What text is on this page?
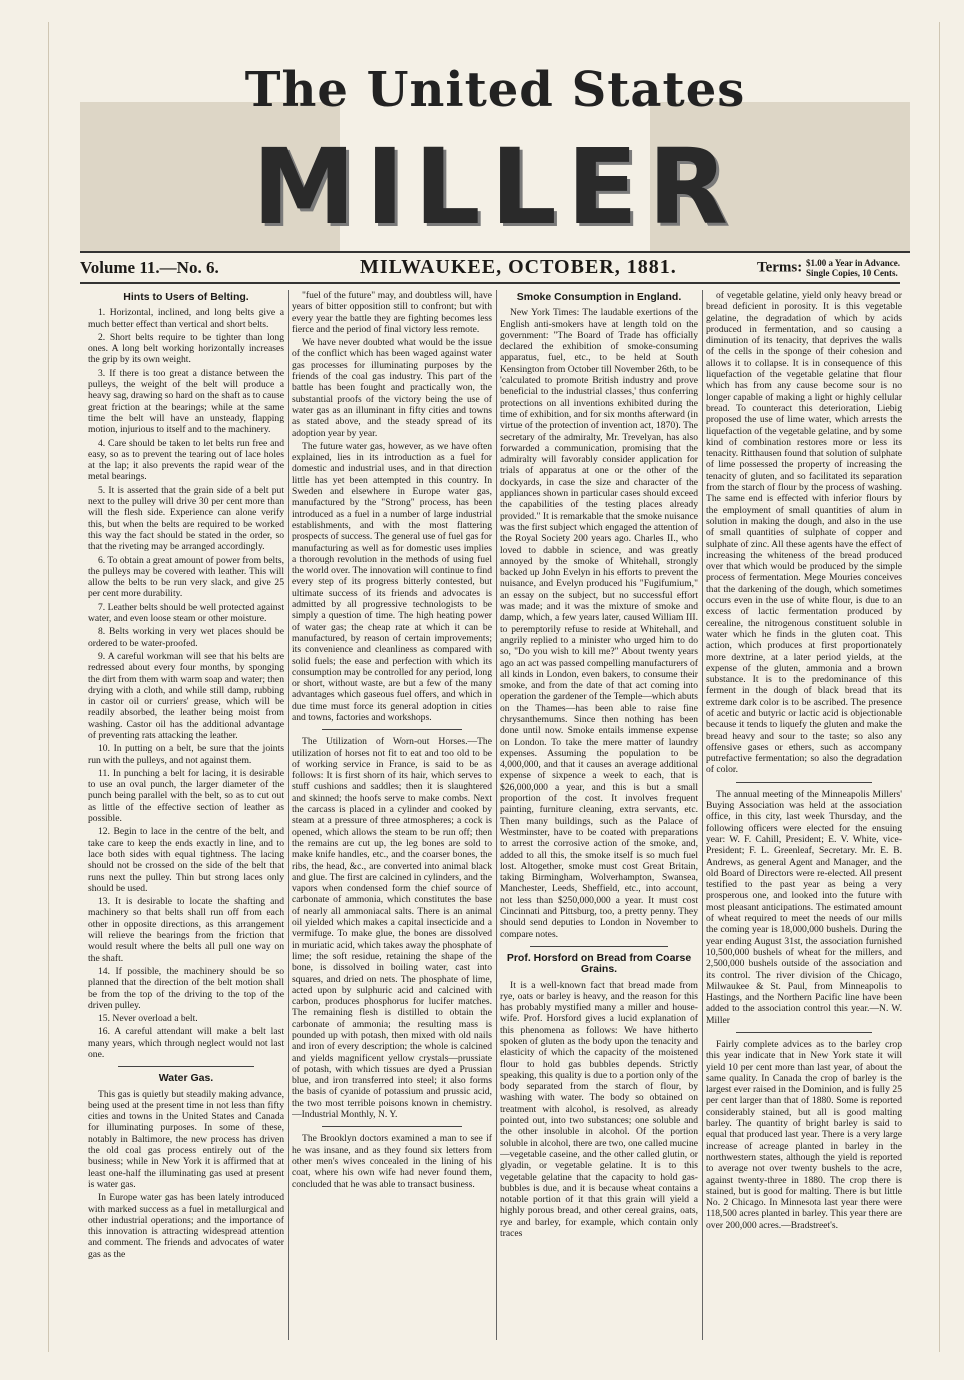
The United States
MILLER
Volume 11.—No. 6.	MILWAUKEE, OCTOBER, 1881.	Terms: $1.00 a Year in Advance.
Single Copies, 10 Cents.
Hints to Users of Belting.

1. Horizontal, inclined, and long belts give a much better effect than vertical and short belts.

2. Short belts require to be tighter than long ones. A long belt working horizontally increases the grip by its own weight.

3. If there is too great a distance between the pulleys, the weight of the belt will produce a heavy sag, drawing so hard on the shaft as to cause great friction at the bearings; while at the same time the belt will have an unsteady, flapping motion, injurious to itself and to the machinery.

4. Care should be taken to let belts run free and easy, so as to prevent the tearing out of lace holes at the lap; it also prevents the rapid wear of the metal bearings.

5. It is asserted that the grain side of a belt put next to the pulley will drive 30 per cent more than will the flesh side. Experience can alone verify this, but when the belts are required to be worked this way the fact should be stated in the order, so that the riveting may be arranged accordingly.

6. To obtain a great amount of power from belts, the pulleys may be covered with leather. This will allow the belts to be run very slack, and give 25 per cent more durability.

7. Leather belts should be well protected against water, and even loose steam or other moisture.

8. Belts working in very wet places should be ordered to be water-proofed.

9. A careful workman will see that his belts are redressed about every four months, by sponging the dirt from them with warm soap and water; then drying with a cloth, and while still damp, rubbing in castor oil or curriers' grease, which will be readily absorbed, the leather being moist from washing. Castor oil has the additional advantage of preventing rats attacking the leather.

10. In putting on a belt, be sure that the joints run with the pulleys, and not against them.

11. In punching a belt for lacing, it is desirable to use an oval punch, the larger diameter of the punch being parallel with the belt, so as to cut out as little of the effective section of leather as possible.

12. Begin to lace in the centre of the belt, and take care to keep the ends exactly in line, and to lace both sides with equal tightness. The lacing should not be crossed on the side of the belt that runs next the pulley. Thin but strong laces only should be used.

13. It is desirable to locate the shafting and machinery so that belts shall run off from each other in opposite directions, as this arrangement will relieve the bearings from the friction that would result where the belts all pull one way on the shaft.

14. If possible, the machinery should be so planned that the direction of the belt motion shall be from the top of the driving to the top of the driven pulley.

15. Never overload a belt.

16. A careful attendant will make a belt last many years, which through neglect would not last one.

Water Gas.

This gas is quietly but steadily making advance, being used at the present time in not less than fifty cities and towns in the United States and Canada for illuminating purposes. In some of these, notably in Baltimore, the new process has driven the old coal gas process entirely out of the business; while in New York it is affirmed that at least one-half the illuminating gas used at present is water gas.

In Europe water gas has been lately introduced with marked success as a fuel in metallurgical and other industrial operations; and the importance of this innovation is attracting widespread attention and comment. The friends and advocates of water gas as the

"fuel of the future" may, and doubtless will, have years of bitter opposition still to confront; but with every year the battle they are fighting becomes less fierce and the period of final victory less remote.

We have never doubted what would be the issue of the conflict which has been waged against water gas processes for illuminating purposes by the friends of the coal gas industry. This part of the battle has been fought and practically won, the substantial proofs of the victory being the use of water gas as an illuminant in fifty cities and towns as stated above, and the steady spread of its adoption year by year.

The future water gas, however, as we have often explained, lies in its introduction as a fuel for domestic and industrial uses, and in that direction little has yet been attempted in this country. In Sweden and elsewhere in Europe water gas, manufactured by the "Strong" process, has been introduced as a fuel in a number of large industrial establishments, and with the most flattering prospects of success. The general use of fuel gas for manufacturing as well as for domestic uses implies a thorough revolution in the methods of using fuel the world over. The innovation will continue to find every step of its progress bitterly contested, but ultimate success of its friends and advocates is admitted by all progressive technologists to be simply a question of time. The high heating power of water gas; the cheap rate at which it can be manufactured, by reason of certain improvements; its convenience and cleanliness as compared with solid fuels; the ease and perfection with which its consumption may be controlled for any period, long or short, without waste, are but a few of the many advantages which gaseous fuel offers, and which in due time must force its general adoption in cities and towns, factories and workshops.

The Utilization of Worn-out Horses.—The utilization of horses not fit to eat and too old to be of working service in France, is said to be as follows: It is first shorn of its hair, which serves to stuff cushions and saddles; then it is slaughtered and skinned; the hoofs serve to make combs. Next the carcass is placed in a cylinder and cooked by steam at a pressure of three atmospheres; a cock is opened, which allows the steam to be run off; then the remains are cut up, the leg bones are sold to make knife handles, etc., and the coarser bones, the ribs, the head, &c., are converted into animal black and glue. The first are calcined in cylinders, and the vapors when condensed form the chief source of carbonate of ammonia, which constitutes the base of nearly all ammoniacal salts. There is an animal oil yielded which makes a capital insecticide and a vermifuge. To make glue, the bones are dissolved in muriatic acid, which takes away the phosphate of lime; the soft residue, retaining the shape of the bone, is dissolved in boiling water, cast into squares, and dried on nets. The phosphate of lime, acted upon by sulphuric acid and calcined with carbon, produces phosphorus for lucifer matches. The remaining flesh is distilled to obtain the carbonate of ammonia; the resulting mass is pounded up with potash, then mixed with old nails and iron of every description; the whole is calcined and yields magnificent yellow crystals—prussiate of potash, with which tissues are dyed a Prussian blue, and iron transferred into steel; it also forms the basis of cyanide of potassium and prussic acid, the two most terrible poisons known in chemistry.—Industrial Monthly, N. Y.

The Brooklyn doctors examined a man to see if he was insane, and as they found six letters from other men's wives concealed in the lining of his coat, where his own wife had never found them, concluded that he was able to transact business.

Smoke Consumption in England.

New York Times: The laudable exertions of the English anti-smokers have at length told on the government: "The Board of Trade has officially declared the exhibition of smoke-consuming apparatus, fuel, etc., to be held at South Kensington from October till November 26th, to be 'calculated to promote British industry and prove beneficial to the industrial classes,' thus conferring protections on all inventions exhibited during the time of exhibition, and for six months afterward (in virtue of the protection of invention act, 1870). The secretary of the admiralty, Mr. Trevelyan, has also forwarded a communication, promising that the admiralty will favorably consider application for trials of apparatus at one or the other of the dockyards, in case the size and character of the appliances shown in particular cases should exceed the capabilities of the testing places already provided." It is remarkable that the smoke nuisance was the first subject which engaged the attention of the Royal Society 200 years ago. Charles II., who loved to dabble in science, and was greatly annoyed by the smoke of Whitehall, strongly backed up John Evelyn in his efforts to prevent the nuisance, and Evelyn produced his "Fugifumium," an essay on the subject, but no successful effort was made; and it was the mixture of smoke and damp, which, a few years later, caused William III. to peremptorily refuse to reside at Whitehall, and angrily replied to a minister who urged him to do so, "Do you wish to kill me?" About twenty years ago an act was passed compelling manufacturers of all kinds in London, even bakers, to consume their smoke, and from the date of that act coming into operation the gardener of the Temple—which abuts on the Thames—has been able to raise fine chrysanthemums. Since then nothing has been done until now. Smoke entails immense expense on London. To take the mere matter of laundry expenses. Assuming the population to be 4,000,000, and that it causes an average additional expense of sixpence a week to each, that is $26,000,000 a year, and this is but a small proportion of the cost. It involves frequent painting, furniture cleaning, extra servants, etc. Then many buildings, such as the Palace of Westminster, have to be coated with preparations to arrest the corrosive action of the smoke, and, added to all this, the smoke itself is so much fuel lost. Altogether, smoke must cost Great Britain, taking Birmingham, Wolverhampton, Swansea, Manchester, Leeds, Sheffield, etc., into account, not less than $250,000,000 a year. It must cost Cincinnati and Pittsburg, too, a pretty penny. They should send deputies to London in November to compare notes.

Prof. Horsford on Bread from Coarse Grains.

It is a well-known fact that bread made from rye, oats or barley is heavy, and the reason for this has probably mystified many a miller and house-wife. Prof. Horsford gives a lucid explanation of this phenomena as follows: We have hitherto spoken of gluten as the body upon the tenacity and elasticity of which the capacity of the moistened flour to hold gas bubbles depends. Strictly speaking, this quality is due to a portion only of the body separated from the starch of flour, by washing with water. The body so obtained on treatment with alcohol, is resolved, as already pointed out, into two substances; one soluble and the other insoluble in alcohol. Of the portion soluble in alcohol, there are two, one called mucine—vegetable caseine, and the other called glutin, or glyadin, or vegetable gelatine. It is to this vegetable gelatine that the capacity to hold gas-bubbles is due, and it is because wheat contains a notable portion of it that this grain will yield a highly porous bread, and other cereal grains, oats, rye and barley, for example, which contain only traces

of vegetable gelatine, yield only heavy bread or bread deficient in porosity. It is this vegetable gelatine, the degradation of which by acids produced in fermentation, and so causing a diminution of its tenacity, that deprives the walls of the cells in the sponge of their cohesion and allows it to collapse. It is in consequence of this liquefaction of the vegetable gelatine that flour which has from any cause become sour is no longer capable of making a light or highly cellular bread. To counteract this deterioration, Liebig proposed the use of lime water, which arrests the liquefaction of the vegetable gelatine, and by some kind of combination restores more or less its tenacity. Ritthausen found that solution of sulphate of lime possessed the property of increasing the tenacity of gluten, and so facilitated its separation from the starch of flour by the process of washing. The same end is effected with inferior flours by the employment of small quantities of alum in solution in making the dough, and also in the use of small quantities of sulphate of copper and sulphate of zinc. All these agents have the effect of increasing the whiteness of the bread produced over that which would be produced by the simple process of fermentation. Mege Mouries conceives that the darkening of the dough, which sometimes occurs even in the use of white flour, is due to an excess of lactic fermentation produced by cerealine, the nitrogenous constituent soluble in water which he finds in the gluten coat. This action, which produces at first proportionately more dextrine, at a later period yields, at the expense of the gluten, ammonia and a brown substance. It is to the predominance of this ferment in the dough of black bread that its extreme dark color is to be ascribed. The presence of acetic and butyric or lactic acid is objectionable because it tends to liquefy the gluten and make the bread heavy and sour to the taste; so also any offensive gases or ethers, such as accompany putrefactive fermentation; so also the degradation of color.

The annual meeting of the Minneapolis Millers' Buying Association was held at the association office, in this city, last week Thursday, and the following officers were elected for the ensuing year: W. F. Cahill, President; E. V. White, vice-President; F. L. Greenleaf, Secretary. Mr. E. B. Andrews, as general Agent and Manager, and the old Board of Directors were re-elected. All present testified to the past year as being a very prosperous one, and looked into the future with most pleasant anticipations. The estimated amount of wheat required to meet the needs of our mills the coming year is 18,000,000 bushels. During the year ending August 31st, the association furnished 10,500,000 bushels of wheat for the millers, and 2,500,000 bushels outside of the association and its control. The river division of the Chicago, Milwaukee & St. Paul, from Minneapolis to Hastings, and the Northern Pacific line have been added to the association control this year.—N. W. Miller

Fairly complete advices as to the barley crop this year indicate that in New York state it will yield 10 per cent more than last year, of about the same quality. In Canada the crop of barley is the largest ever raised in the Dominion, and is fully 25 per cent larger than that of 1880. Some is reported considerably stained, but all is good malting barley. The quantity of bright barley is said to equal that produced last year. There is a very large increase of acreage planted in barley in the northwestern states, although the yield is reported to average not over twenty bushels to the acre, against twenty-three in 1880. The crop there is stained, but is good for malting. There is but little No. 2 Chicago. In Minnesota last year there were 118,500 acres planted in barley. This year there are over 200,000 acres.—Bradstreet's.
